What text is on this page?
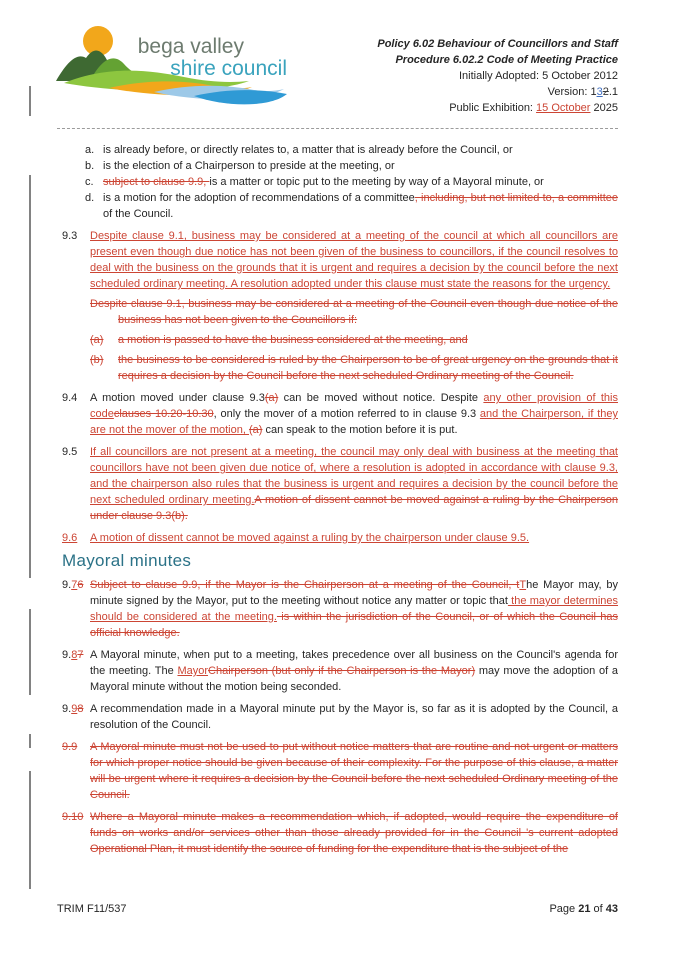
bega valley
shire council
Policy 6.02 Behaviour of Councillors and Staff
Procedure 6.02.2 Code of Meeting Practice
Initially Adopted: 5 October 2012
Version: 132.1
Public Exhibition: 15 October 2025
a. is already before, or directly relates to, a matter that is already before the Council, or
b. is the election of a Chairperson to preside at the meeting, or
c. subject to clause 9.9, is a matter or topic put to the meeting by way of a Mayoral minute, or
d. is a motion for the adoption of recommendations of a committee, including, but not limited to, a committee of the Council.
9.3	Despite clause 9.1, business may be considered at a meeting of the council at which all councillors are present even though due notice has not been given of the business to councillors, if the council resolves to deal with the business on the grounds that it is urgent and requires a decision by the council before the next scheduled ordinary meeting. A resolution adopted under this clause must state the reasons for the urgency.
Despite clause 9.1, business may be considered at a meeting of the Council even though due notice of the business has not been given to the Councillors if:
(a)	a motion is passed to have the business considered at the meeting, and
(b)	the business to be considered is ruled by the Chairperson to be of great urgency on the grounds that it requires a decision by the Council before the next scheduled Ordinary meeting of the Council.
9.4	A motion moved under clause 9.3(a) can be moved without notice. Despite any other provision of this codeclauses 10.20-10.30, only the mover of a motion referred to in clause 9.3 and the Chairperson, if they are not the mover of the motion, (a) can speak to the motion before it is put.
9.5	If all councillors are not present at a meeting, the council may only deal with business at the meeting that councillors have not been given due notice of, where a resolution is adopted in accordance with clause 9.3, and the chairperson also rules that the business is urgent and requires a decision by the council before the next scheduled ordinary meeting.A motion of dissent cannot be moved against a ruling by the Chairperson under clause 9.3(b).
9.6	A motion of dissent cannot be moved against a ruling by the chairperson under clause 9.5.
Mayoral minutes
9.76 Subject to clause 9.9, if the Mayor is the Chairperson at a meeting of the Council, tThe Mayor may, by minute signed by the Mayor, put to the meeting without notice any matter or topic that the mayor determines should be considered at the meeting. is within the jurisdiction of the Council, or of which the Council has official knowledge.
9.87 A Mayoral minute, when put to a meeting, takes precedence over all business on the Council's agenda for the meeting. The MayorChairperson (but only if the Chairperson is the Mayor) may move the adoption of a Mayoral minute without the motion being seconded.
9.98 A recommendation made in a Mayoral minute put by the Mayor is, so far as it is adopted by the Council, a resolution of the Council.
9.9	A Mayoral minute must not be used to put without notice matters that are routine and not urgent or matters for which proper notice should be given because of their complexity. For the purpose of this clause, a matter will be urgent where it requires a decision by the Council before the next scheduled Ordinary meeting of the Council.
9.10 Where a Mayoral minute makes a recommendation which, if adopted, would require the expenditure of funds on works and/or services other than those already provided for in the Council 's current adopted Operational Plan, it must identify the source of funding for the expenditure that is the subject of the
TRIM F11/537	Page 21 of 43
